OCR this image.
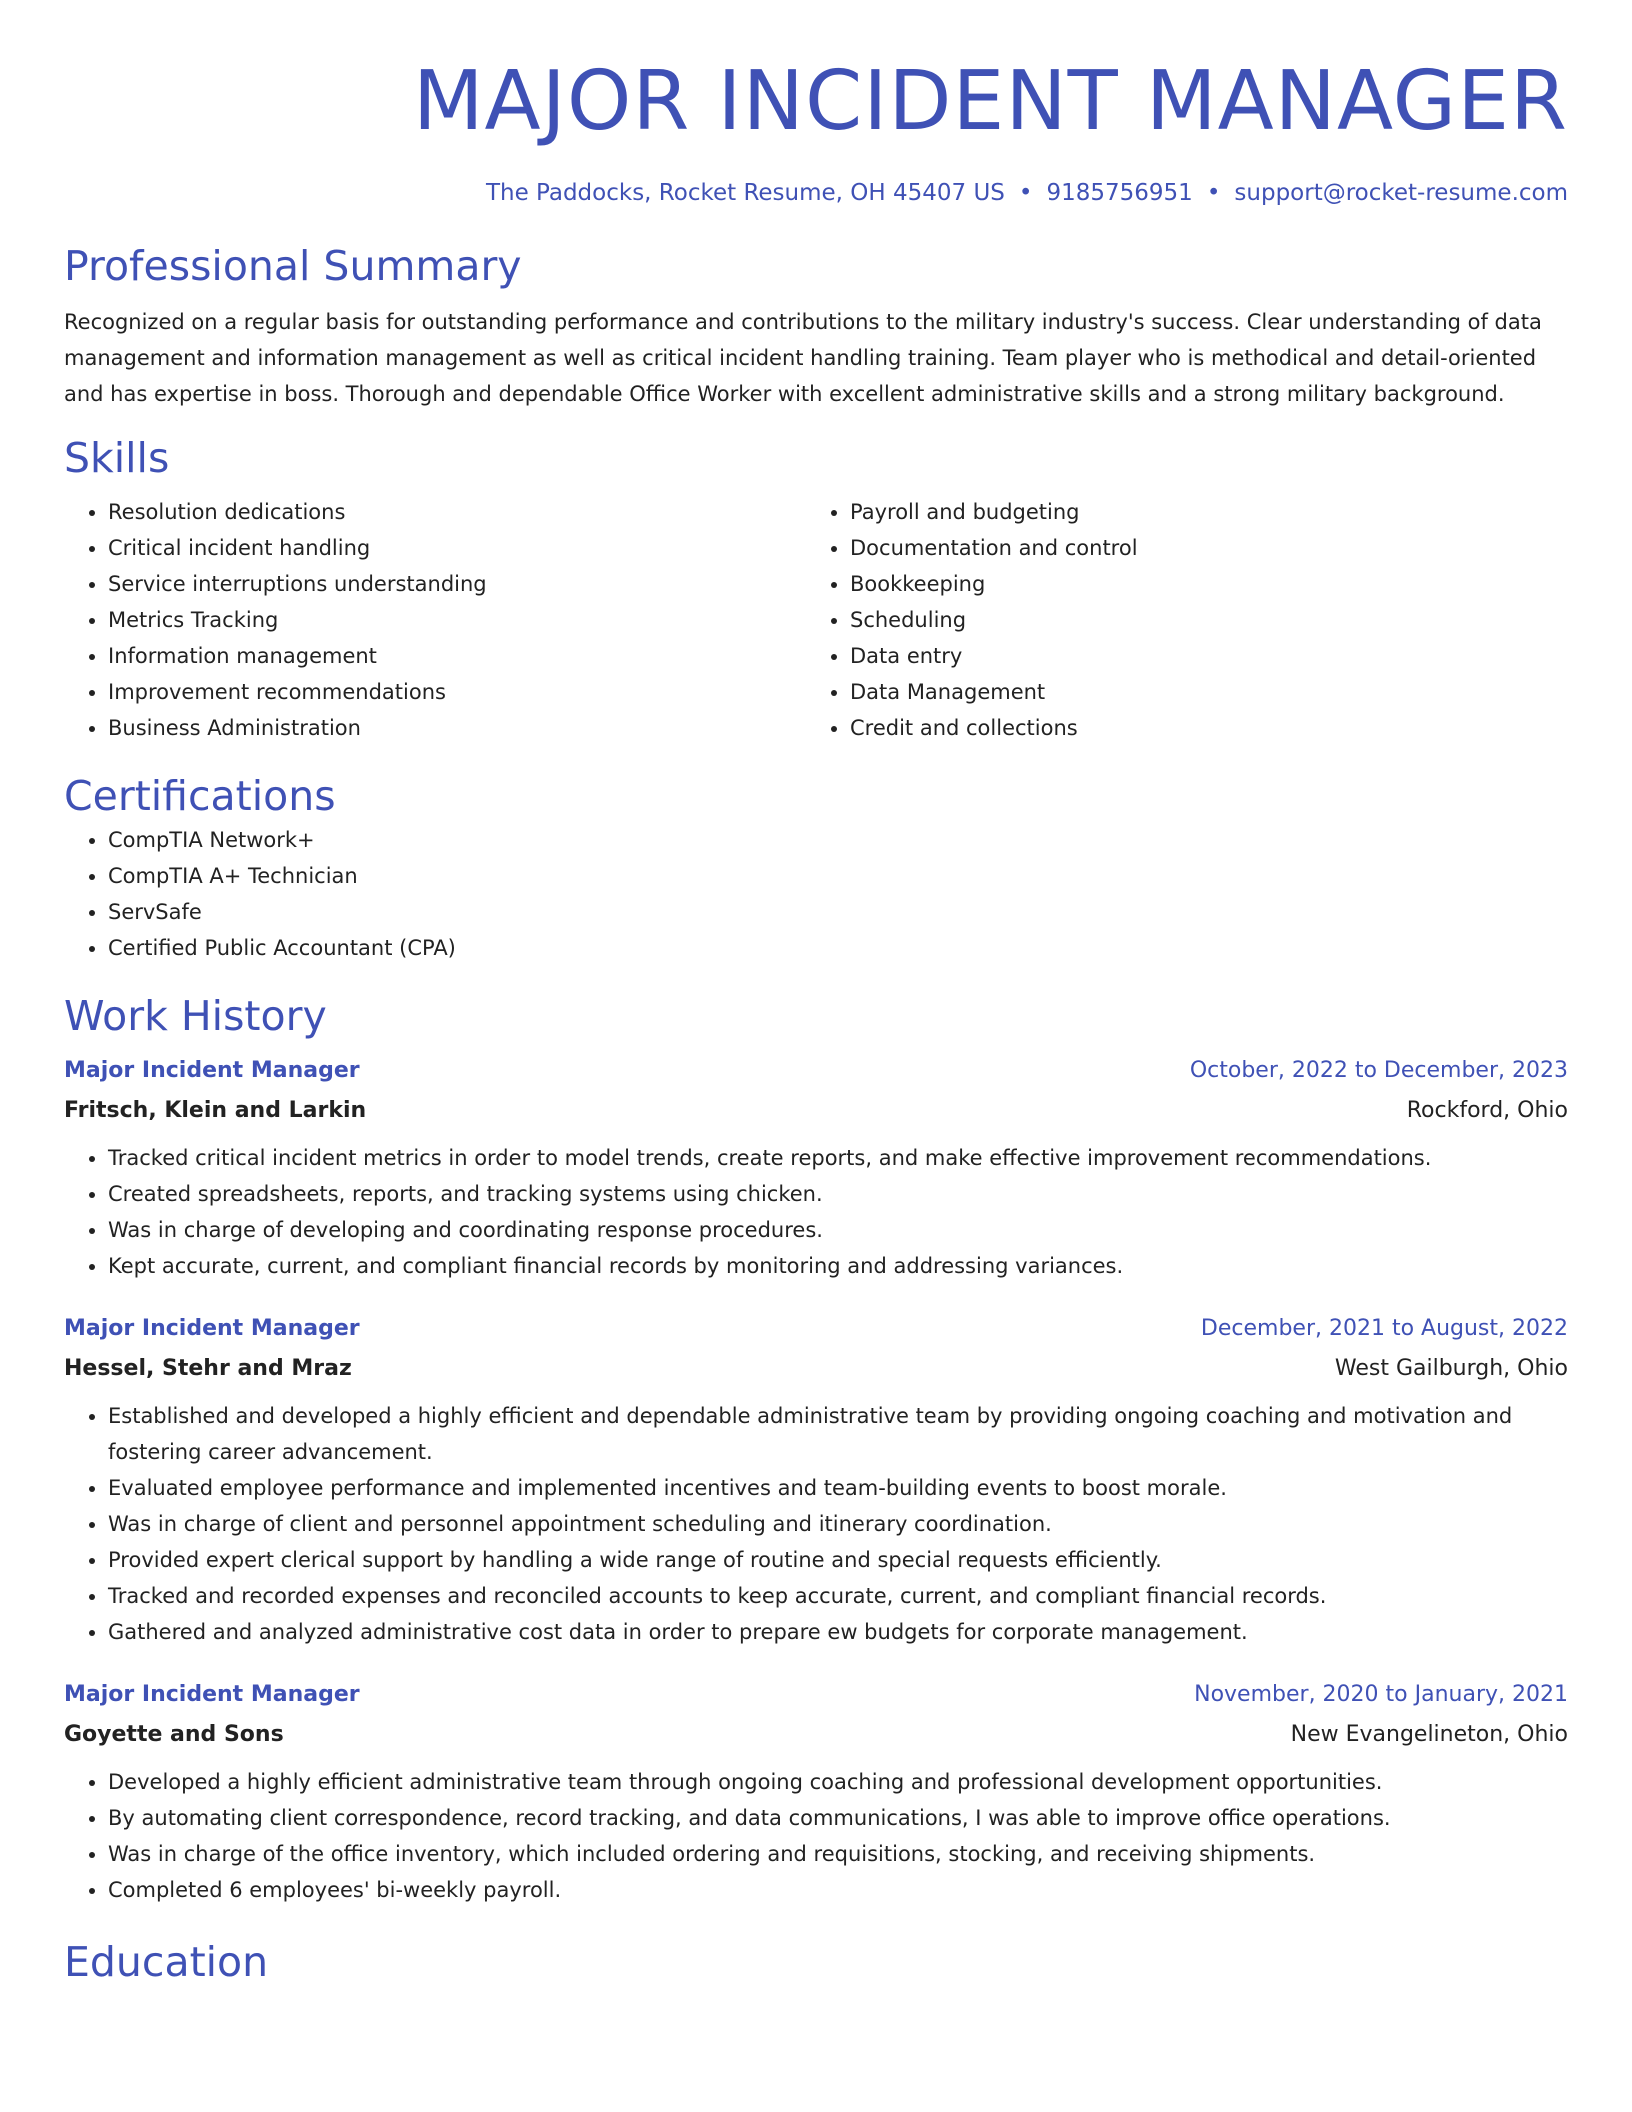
MAJOR INCIDENT MANAGER
The Paddocks, Rocket Resume, OH 45407 US • 9185756951 • support@rocket-resume.com
Professional Summary
Recognized on a regular basis for outstanding performance and contributions to the military industry's success. Clear understanding of data management and information management as well as critical incident handling training. Team player who is methodical and detail-oriented and has expertise in boss. Thorough and dependable Office Worker with excellent administrative skills and a strong military background.
Skills
• Resolution dedications
• Critical incident handling
• Service interruptions understanding
• Metrics Tracking
• Information management
• Improvement recommendations
• Business Administration
• Payroll and budgeting
• Documentation and control
• Bookkeeping
• Scheduling
• Data entry
• Data Management
• Credit and collections
Certifications
• CompTIA Network+
• CompTIA A+ Technician
• ServSafe
• Certified Public Accountant (CPA)
Work History
Major Incident Manager	October, 2022 to December, 2023
Fritsch, Klein and Larkin	Rockford, Ohio
• Tracked critical incident metrics in order to model trends, create reports, and make effective improvement recommendations.
• Created spreadsheets, reports, and tracking systems using chicken.
• Was in charge of developing and coordinating response procedures.
• Kept accurate, current, and compliant financial records by monitoring and addressing variances.
Major Incident Manager	December, 2021 to August, 2022
Hessel, Stehr and Mraz	West Gailburgh, Ohio
• Established and developed a highly efficient and dependable administrative team by providing ongoing coaching and motivation and fostering career advancement.
• Evaluated employee performance and implemented incentives and team-building events to boost morale.
• Was in charge of client and personnel appointment scheduling and itinerary coordination.
• Provided expert clerical support by handling a wide range of routine and special requests efficiently.
• Tracked and recorded expenses and reconciled accounts to keep accurate, current, and compliant financial records.
• Gathered and analyzed administrative cost data in order to prepare ew budgets for corporate management.
Major Incident Manager	November, 2020 to January, 2021
Goyette and Sons	New Evangelineton, Ohio
• Developed a highly efficient administrative team through ongoing coaching and professional development opportunities.
• By automating client correspondence, record tracking, and data communications, I was able to improve office operations.
• Was in charge of the office inventory, which included ordering and requisitions, stocking, and receiving shipments.
• Completed 6 employees' bi-weekly payroll.
Education
